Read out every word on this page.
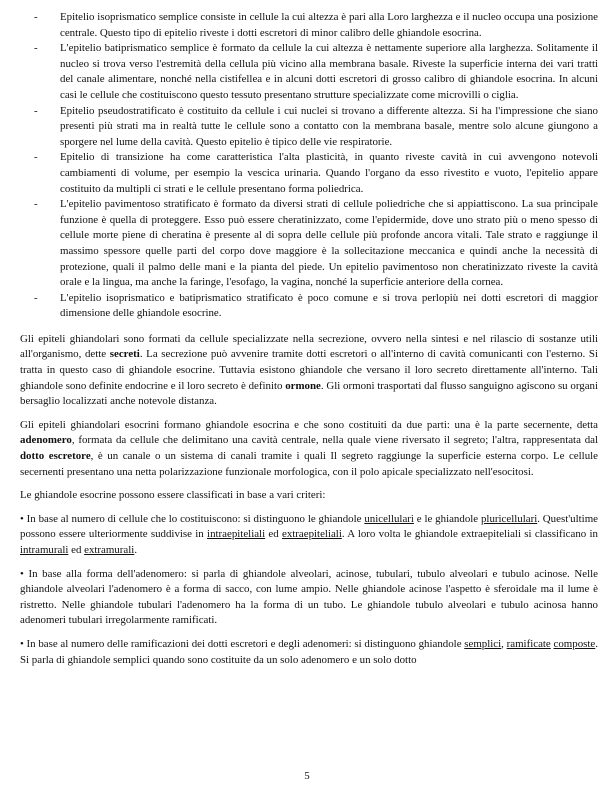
- Epitelio isoprismatico semplice consiste in cellule la cui altezza è pari alla Loro larghezza e il nucleo occupa una posizione centrale. Questo tipo di epitelio riveste i dotti escretori di minor calibro delle ghiandole esocrina.
- L'epitelio batiprismatico semplice è formato da cellule la cui altezza è nettamente superiore alla larghezza. Solitamente il nucleo si trova verso l'estremità della cellula più vicino alla membrana basale. Riveste la superficie interna dei vari tratti del canale alimentare, nonché nella cistifellea e in alcuni dotti escretori di grosso calibro di ghiandole esocrina. In alcuni casi le cellule che costituiscono questo tessuto presentano strutture specializzate come microvilli o ciglia.
- Epitelio pseudostratificato è costituito da cellule i cui nuclei si trovano a differente altezza. Si ha l'impressione che siano presenti più strati ma in realtà tutte le cellule sono a contatto con la membrana basale, mentre solo alcune giungono a sporgere nel lume della cavità. Questo epitelio è tipico delle vie respiratorie.
- Epitelio di transizione ha come caratteristica l'alta plasticità, in quanto riveste cavità in cui avvengono notevoli cambiamenti di volume, per esempio la vescica urinaria. Quando l'organo da esso rivestito e vuoto, l'epitelio appare costituito da multipli ci strati e le cellule presentano forma poliedrica.
- L'epitelio pavimentoso stratificato è formato da diversi strati di cellule poliedriche che si appiattiscono. La sua principale funzione è quella di proteggere. Esso può essere cheratinizzato, come l'epidermide, dove uno strato più o meno spesso di cellule morte piene di cheratina è presente al di sopra delle cellule più profonde ancora vitali. Tale strato e raggiunge il massimo spessore quelle parti del corpo dove maggiore è la sollecitazione meccanica e quindi anche la necessità di protezione, quali il palmo delle mani e la pianta del piede. Un epitelio pavimentoso non cheratinizzato riveste la cavità orale e la lingua, ma anche la faringe, l'esofago, la vagina, nonché la superficie anteriore della cornea.
- L'epitelio isoprismatico e batiprismatico stratificato è poco comune e si trova perlopiù nei dotti escretori di maggior dimensione delle ghiandole esocrine.

Gli epiteli ghiandolari sono formati da cellule specializzate nella secrezione, ovvero nella sintesi e nel rilascio di sostanze utili all'organismo, dette secreti. La secrezione può avvenire tramite dotti escretori o all'interno di cavità comunicanti con l'esterno. Si tratta in questo caso di ghiandole esocrine. Tuttavia esistono ghiandole che versano il loro secreto direttamente all'interno. Tali ghiandole sono definite endocrine e il loro secreto è definito ormone. Gli ormoni trasportati dal flusso sanguigno agiscono su organi bersaglio localizzati anche notevole distanza.

Gli epiteli ghiandolari esocrini formano ghiandole esocrina e che sono costituiti da due parti: una è la parte secernente, detta adenomero, formata da cellule che delimitano una cavità centrale, nella quale viene riversato il segreto; l'altra, rappresentata dal dotto escretore, è un canale o un sistema di canali tramite i quali Il segreto raggiunge la superficie esterna corpo. Le cellule secernenti presentano una netta polarizzazione funzionale morfologica, con il polo apicale specializzato nell'esocitosi.

Le ghiandole esocrine possono essere classificati in base a vari criteri:

• In base al numero di cellule che lo costituiscono: si distinguono le ghiandole unicellulari e le ghiandole pluricellulari. Quest'ultime possono essere ulteriormente suddivise in intraepiteliali ed extraepiteliali. A loro volta le ghiandole extraepiteliali si classificano in intramurali ed extramurali.

• In base alla forma dell'adenomero: si parla di ghiandole alveolari, acinose, tubulari, tubulo alveolari e tubulo acinose. Nelle ghiandole alveolari l'adenomero è a forma di sacco, con lume ampio. Nelle ghiandole acinose l'aspetto è sferoidale ma il lume è ristretto. Nelle ghiandole tubulari l'adenomero ha la forma di un tubo. Le ghiandole tubulo alveolari e tubulo acinosa hanno adenomeri tubulari irregolarmente ramificati.

• In base al numero delle ramificazioni dei dotti escretori e degli adenomeri: si distinguono ghiandole semplici, ramificate composte. Si parla di ghiandole semplici quando sono costituite da un solo adenomero e un solo dotto

5
